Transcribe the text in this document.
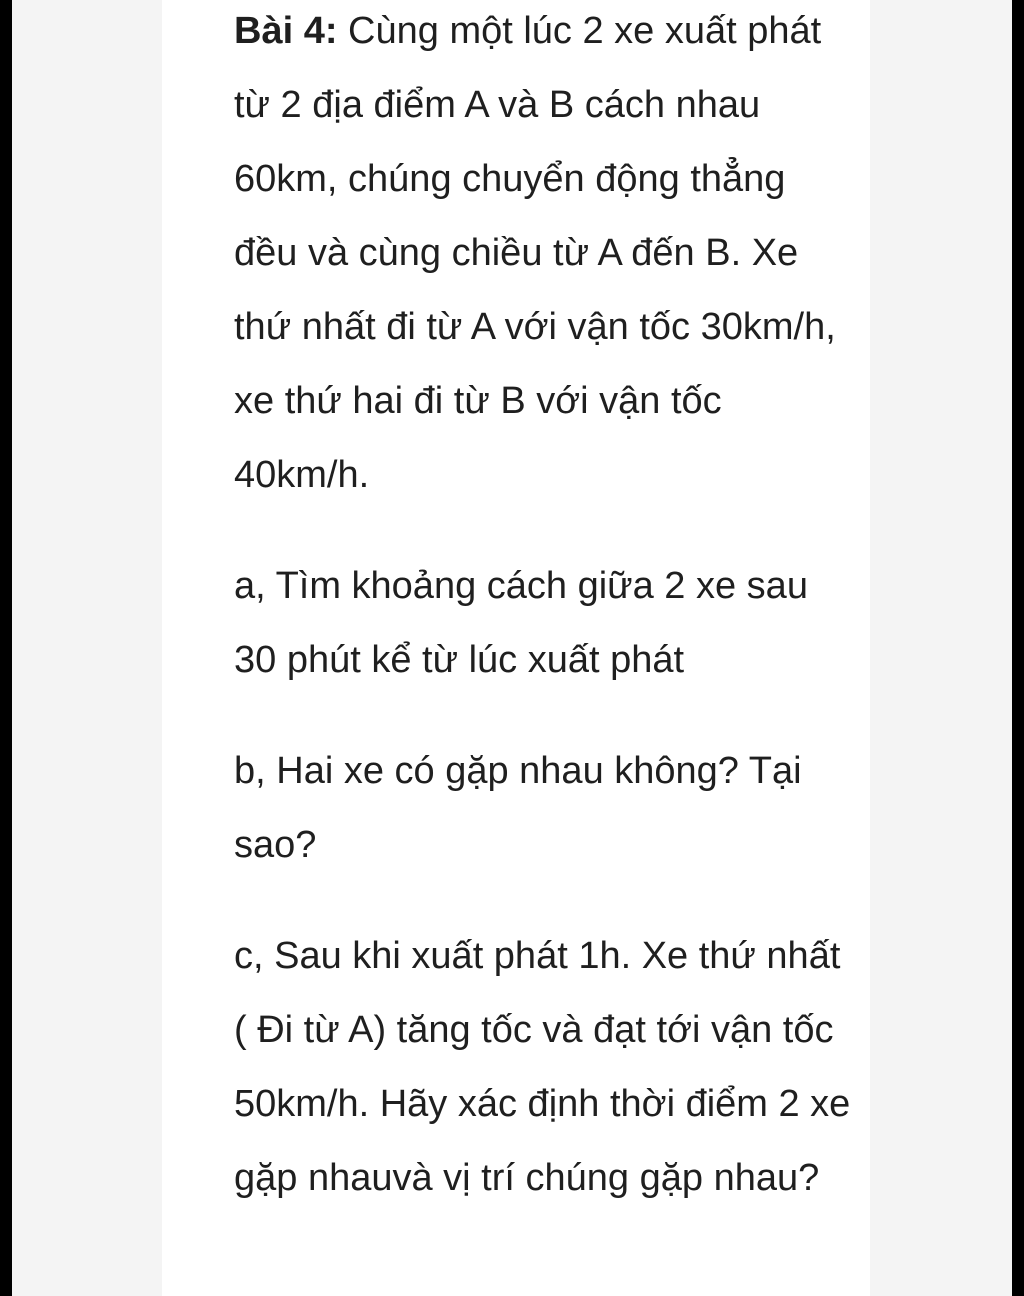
Bài 4: Cùng một lúc 2 xe xuất phát từ 2 địa điểm A và B cách nhau 60km, chúng chuyển động thẳng đều và cùng chiều từ A đến B. Xe thứ nhất đi từ A với vận tốc 30km/h, xe thứ hai đi từ B với vận tốc 40km/h.

a, Tìm khoảng cách giữa 2 xe sau 30 phút kể từ lúc xuất phát

b, Hai xe có gặp nhau không? Tại sao?

c, Sau khi xuất phát 1h. Xe thứ nhất ( Đi từ A) tăng tốc và đạt tới vận tốc 50km/h. Hãy xác định thời điểm 2 xe gặp nhauvà vị trí chúng gặp nhau?
